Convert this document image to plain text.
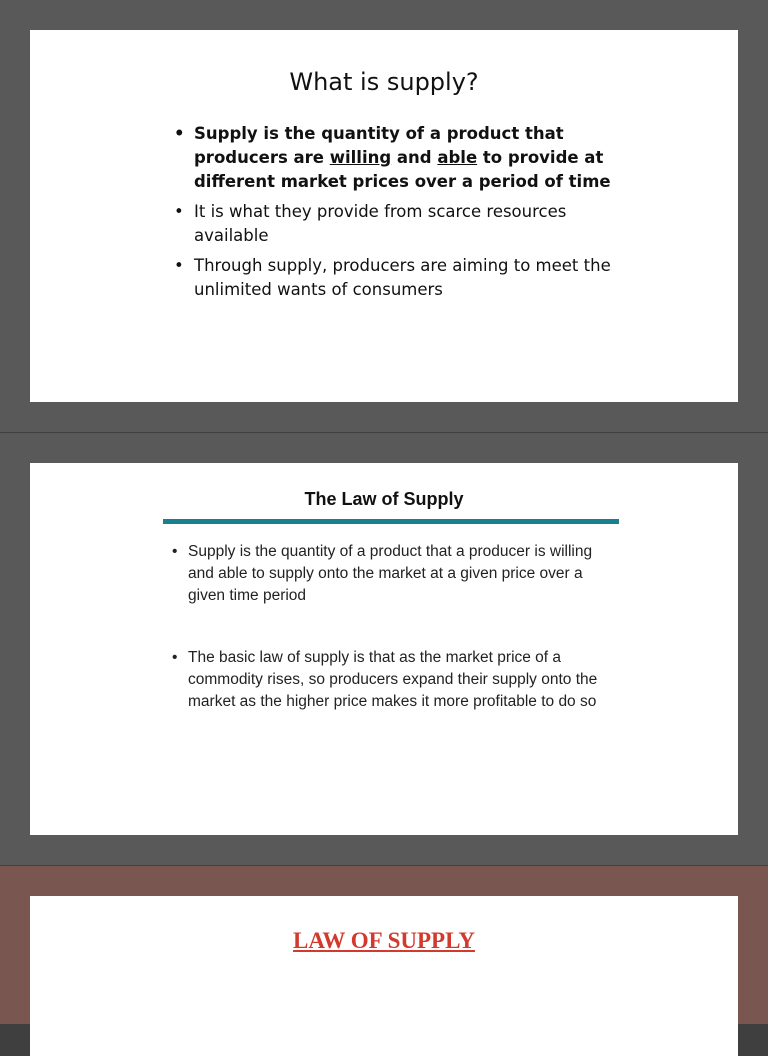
What is supply?
• Supply is the quantity of a product that producers are willing and able to provide at different market prices over a period of time
• It is what they provide from scarce resources available
• Through supply, producers are aiming to meet the unlimited wants of consumers
The Law of Supply
• Supply is the quantity of a product that a producer is willing and able to supply onto the market at a given price over a given time period
• The basic law of supply is that as the market price of a commodity rises, so producers expand their supply onto the market as the higher price makes it more profitable to do so
LAW OF SUPPLY
